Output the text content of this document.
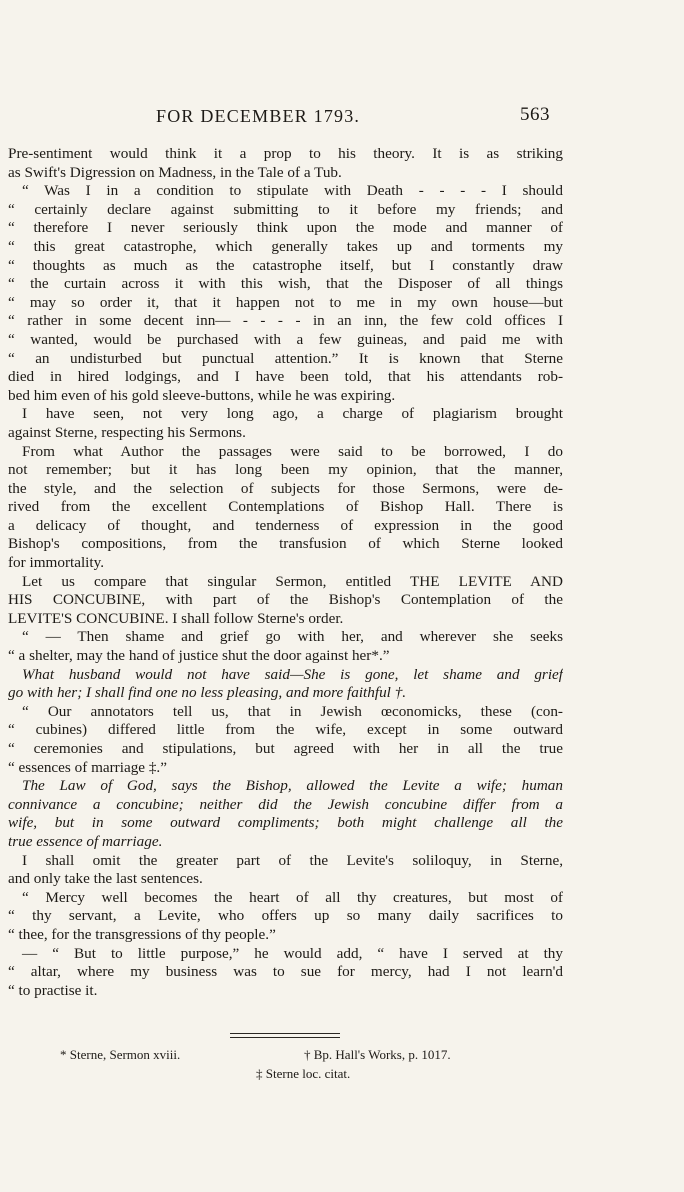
FOR DECEMBER 1793.	563
Pre-sentiment would think it a prop to his theory. It is as striking
as Swift's Digression on Madness, in the Tale of a Tub.
“ Was I in a condition to stipulate with Death - - - - I should
“ certainly declare against submitting to it before my friends; and
“ therefore I never seriously think upon the mode and manner of
“ this great catastrophe, which generally takes up and torments my
“ thoughts as much as the catastrophe itself, but I constantly draw
“ the curtain across it with this wish, that the Disposer of all things
“ may so order it, that it happen not to me in my own house—but
“ rather in some decent inn— - - - - in an inn, the few cold offices I
“ wanted, would be purchased with a few guineas, and paid me with
“ an undisturbed but punctual attention.” It is known that Sterne
died in hired lodgings, and I have been told, that his attendants rob-
bed him even of his gold sleeve-buttons, while he was expiring.
I have seen, not very long ago, a charge of plagiarism brought
against Sterne, respecting his Sermons.
From what Author the passages were said to be borrowed, I do
not remember; but it has long been my opinion, that the manner,
the style, and the selection of subjects for those Sermons, were de-
rived from the excellent Contemplations of Bishop Hall. There is
a delicacy of thought, and tenderness of expression in the good
Bishop's compositions, from the transfusion of which Sterne looked
for immortality.
Let us compare that singular Sermon, entitled THE LEVITE AND
HIS CONCUBINE, with part of the Bishop's Contemplation of the
LEVITE'S CONCUBINE. I shall follow Sterne's order.
“ — Then shame and grief go with her, and wherever she seeks
“ a shelter, may the hand of justice shut the door against her*.”
What husband would not have said—She is gone, let shame and grief
go with her; I shall find one no less pleasing, and more faithful †.
“ Our annotators tell us, that in Jewish œconomicks, these (con-
“ cubines) differed little from the wife, except in some outward
“ ceremonies and stipulations, but agreed with her in all the true
“ essences of marriage ‡.”
The Law of God, says the Bishop, allowed the Levite a wife; human
connivance a concubine; neither did the Jewish concubine differ from a
wife, but in some outward compliments; both might challenge all the
true essence of marriage.
I shall omit the greater part of the Levite's soliloquy, in Sterne,
and only take the last sentences.
“ Mercy well becomes the heart of all thy creatures, but most of
“ thy servant, a Levite, who offers up so many daily sacrifices to
“ thee, for the transgressions of thy people.”
— “ But to little purpose,” he would add, “ have I served at thy
“ altar, where my business was to sue for mercy, had I not learn'd
“ to practise it.
* Sterne, Sermon xviii.	† Bp. Hall's Works, p. 1017.
‡ Sterne loc. citat.
